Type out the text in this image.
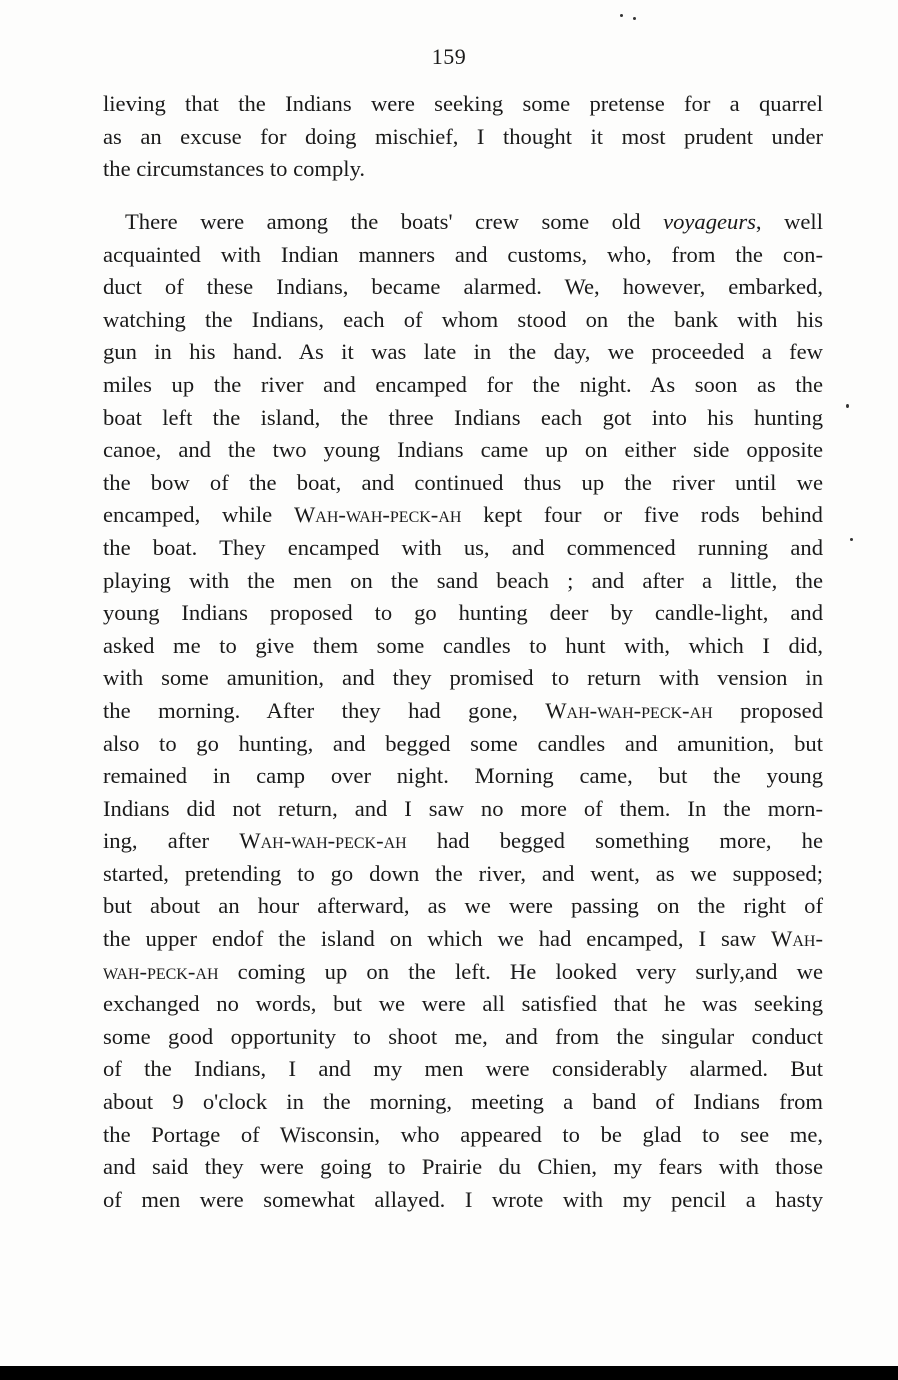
159

lieving that the Indians were seeking some pretense for a quarrel
as an excuse for doing mischief, I thought it most prudent under
the circumstances to comply.

There were among the boats' crew some old voyageurs, well
acquainted with Indian manners and customs, who, from the con-
duct of these Indians, became alarmed. We, however, embarked,
watching the Indians, each of whom stood on the bank with his
gun in his hand. As it was late in the day, we proceeded a few
miles up the river and encamped for the night. As soon as the
boat left the island, the three Indians each got into his hunting
canoe, and the two young Indians came up on either side opposite
the bow of the boat, and continued thus up the river until we
encamped, while Wah-wah-peck-ah kept four or five rods behind
the boat. They encamped with us, and commenced running and
playing with the men on the sand beach ; and after a little, the
young Indians proposed to go hunting deer by candle-light, and
asked me to give them some candles to hunt with, which I did,
with some amunition, and they promised to return with vension in
the morning. After they had gone, Wah-wah-peck-ah proposed
also to go hunting, and begged some candles and amunition, but
remained in camp over night. Morning came, but the young
Indians did not return, and I saw no more of them. In the morn-
ing, after Wah-wah-peck-ah had begged something more, he
started, pretending to go down the river, and went, as we supposed;
but about an hour afterward, as we were passing on the right of
the upper endof the island on which we had encamped, I saw Wah-
wah-peck-ah coming up on the left. He looked very surly,and we
exchanged no words, but we were all satisfied that he was seeking
some good opportunity to shoot me, and from the singular conduct
of the Indians, I and my men were considerably alarmed. But
about 9 o'clock in the morning, meeting a band of Indians from
the Portage of Wisconsin, who appeared to be glad to see me,
and said they were going to Prairie du Chien, my fears with those
of men were somewhat allayed. I wrote with my pencil a hasty
